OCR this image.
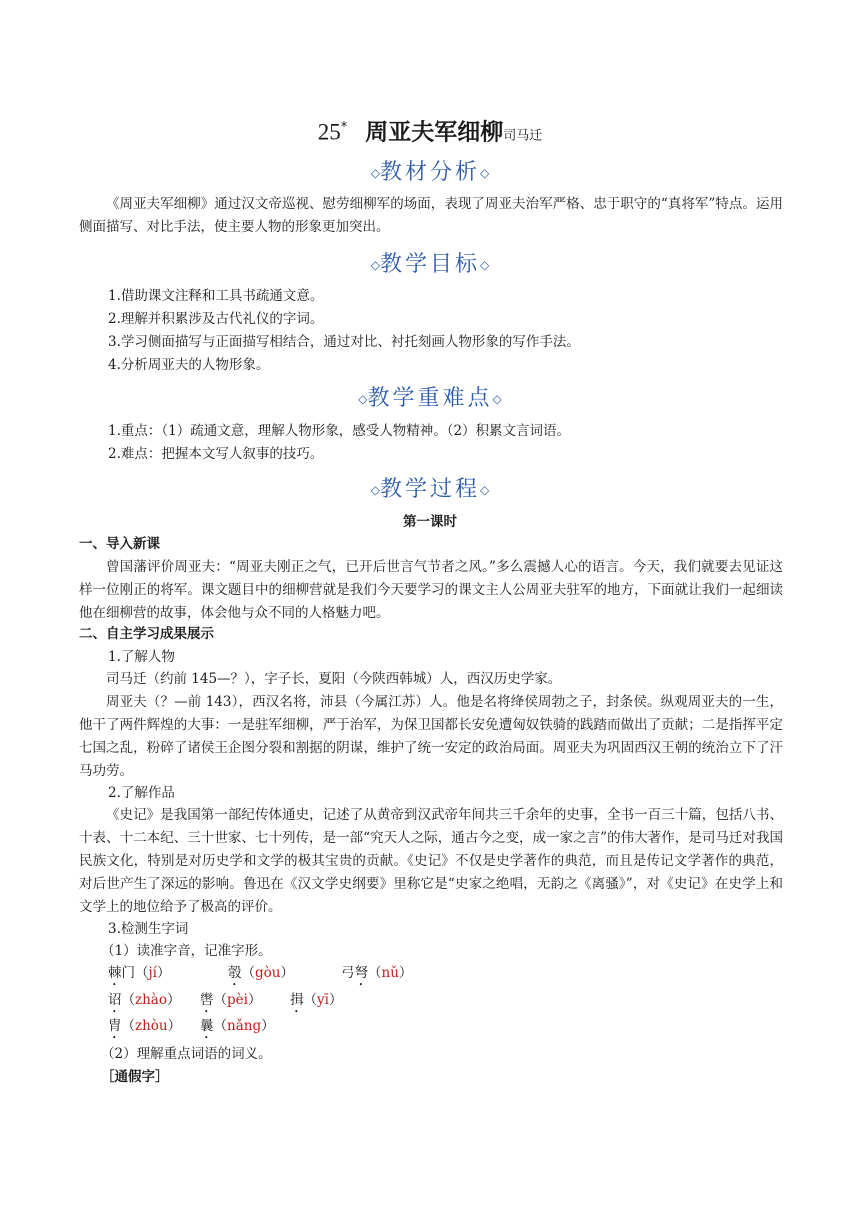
25* 周亚夫军细柳司马迁
◇教材分析◇
《周亚夫军细柳》通过汉文帝巡视、慰劳细柳军的场面，表现了周亚夫治军严格、忠于职守的“真将军”特点。运用侧面描写、对比手法，使主要人物的形象更加突出。
◇教学目标◇
1.借助课文注释和工具书疏通文意。
2.理解并积累涉及古代礼仪的字词。
3.学习侧面描写与正面描写相结合，通过对比、衬托刻画人物形象的写作手法。
4.分析周亚夫的人物形象。
◇教学重难点◇
1.重点：（1）疏通文意，理解人物形象，感受人物精神。（2）积累文言词语。
2.难点：把握本文写人叙事的技巧。
◇教学过程◇
第一课时
一、导入新课
曾国藩评价周亚夫：“周亚夫刚正之气，已开后世言气节者之风。”多么震撼人心的语言。今天，我们就要去见证这样一位刚正的将军。课文题目中的细柳营就是我们今天要学习的课文主人公周亚夫驻军的地方，下面就让我们一起细读他在细柳营的故事，体会他与众不同的人格魅力吧。
二、自主学习成果展示
1.了解人物
司马迁（约前 145—？），字子长，夏阳（今陕西韩城）人，西汉历史学家。
周亚夫（？—前 143），西汉名将，沛县（今属江苏）人。他是名将绛侯周勃之子，封条侯。纵观周亚夫的一生，他干了两件辉煌的大事：一是驻军细柳，严于治军，为保卫国都长安免遭匈奴铁骑的践踏而做出了贡献；二是指挥平定七国之乱，粉碎了诸侯王企图分裂和割据的阴谋，维护了统一安定的政治局面。周亚夫为巩固西汉王朝的统治立下了汗马功劳。
2.了解作品
《史记》是我国第一部纪传体通史，记述了从黄帝到汉武帝年间共三千余年的史事，全书一百三十篇，包括八书、十表、十二本纪、三十世家、七十列传，是一部“究天人之际，通古今之变，成一家之言”的伟大著作，是司马迁对我国民族文化，特别是对历史学和文学的极其宝贵的贡献。《史记》不仅是史学著作的典范，而且是传记文学著作的典范，对后世产生了深远的影响。鲁迅在《汉文学史纲要》里称它是“史家之绝唱，无韵之《离骚》”，对《史记》在史学上和文学上的地位给予了极高的评价。
3.检测生字词
（1）读准字音，记准字形。
棘门（jí）	彀（gòu）	弓弩（nǔ）
诏（zhào） 辔（pèi） 揖（yī）
胄（zhòu） 曩（nǎng）
（2）理解重点词语的词义。
［通假字］
